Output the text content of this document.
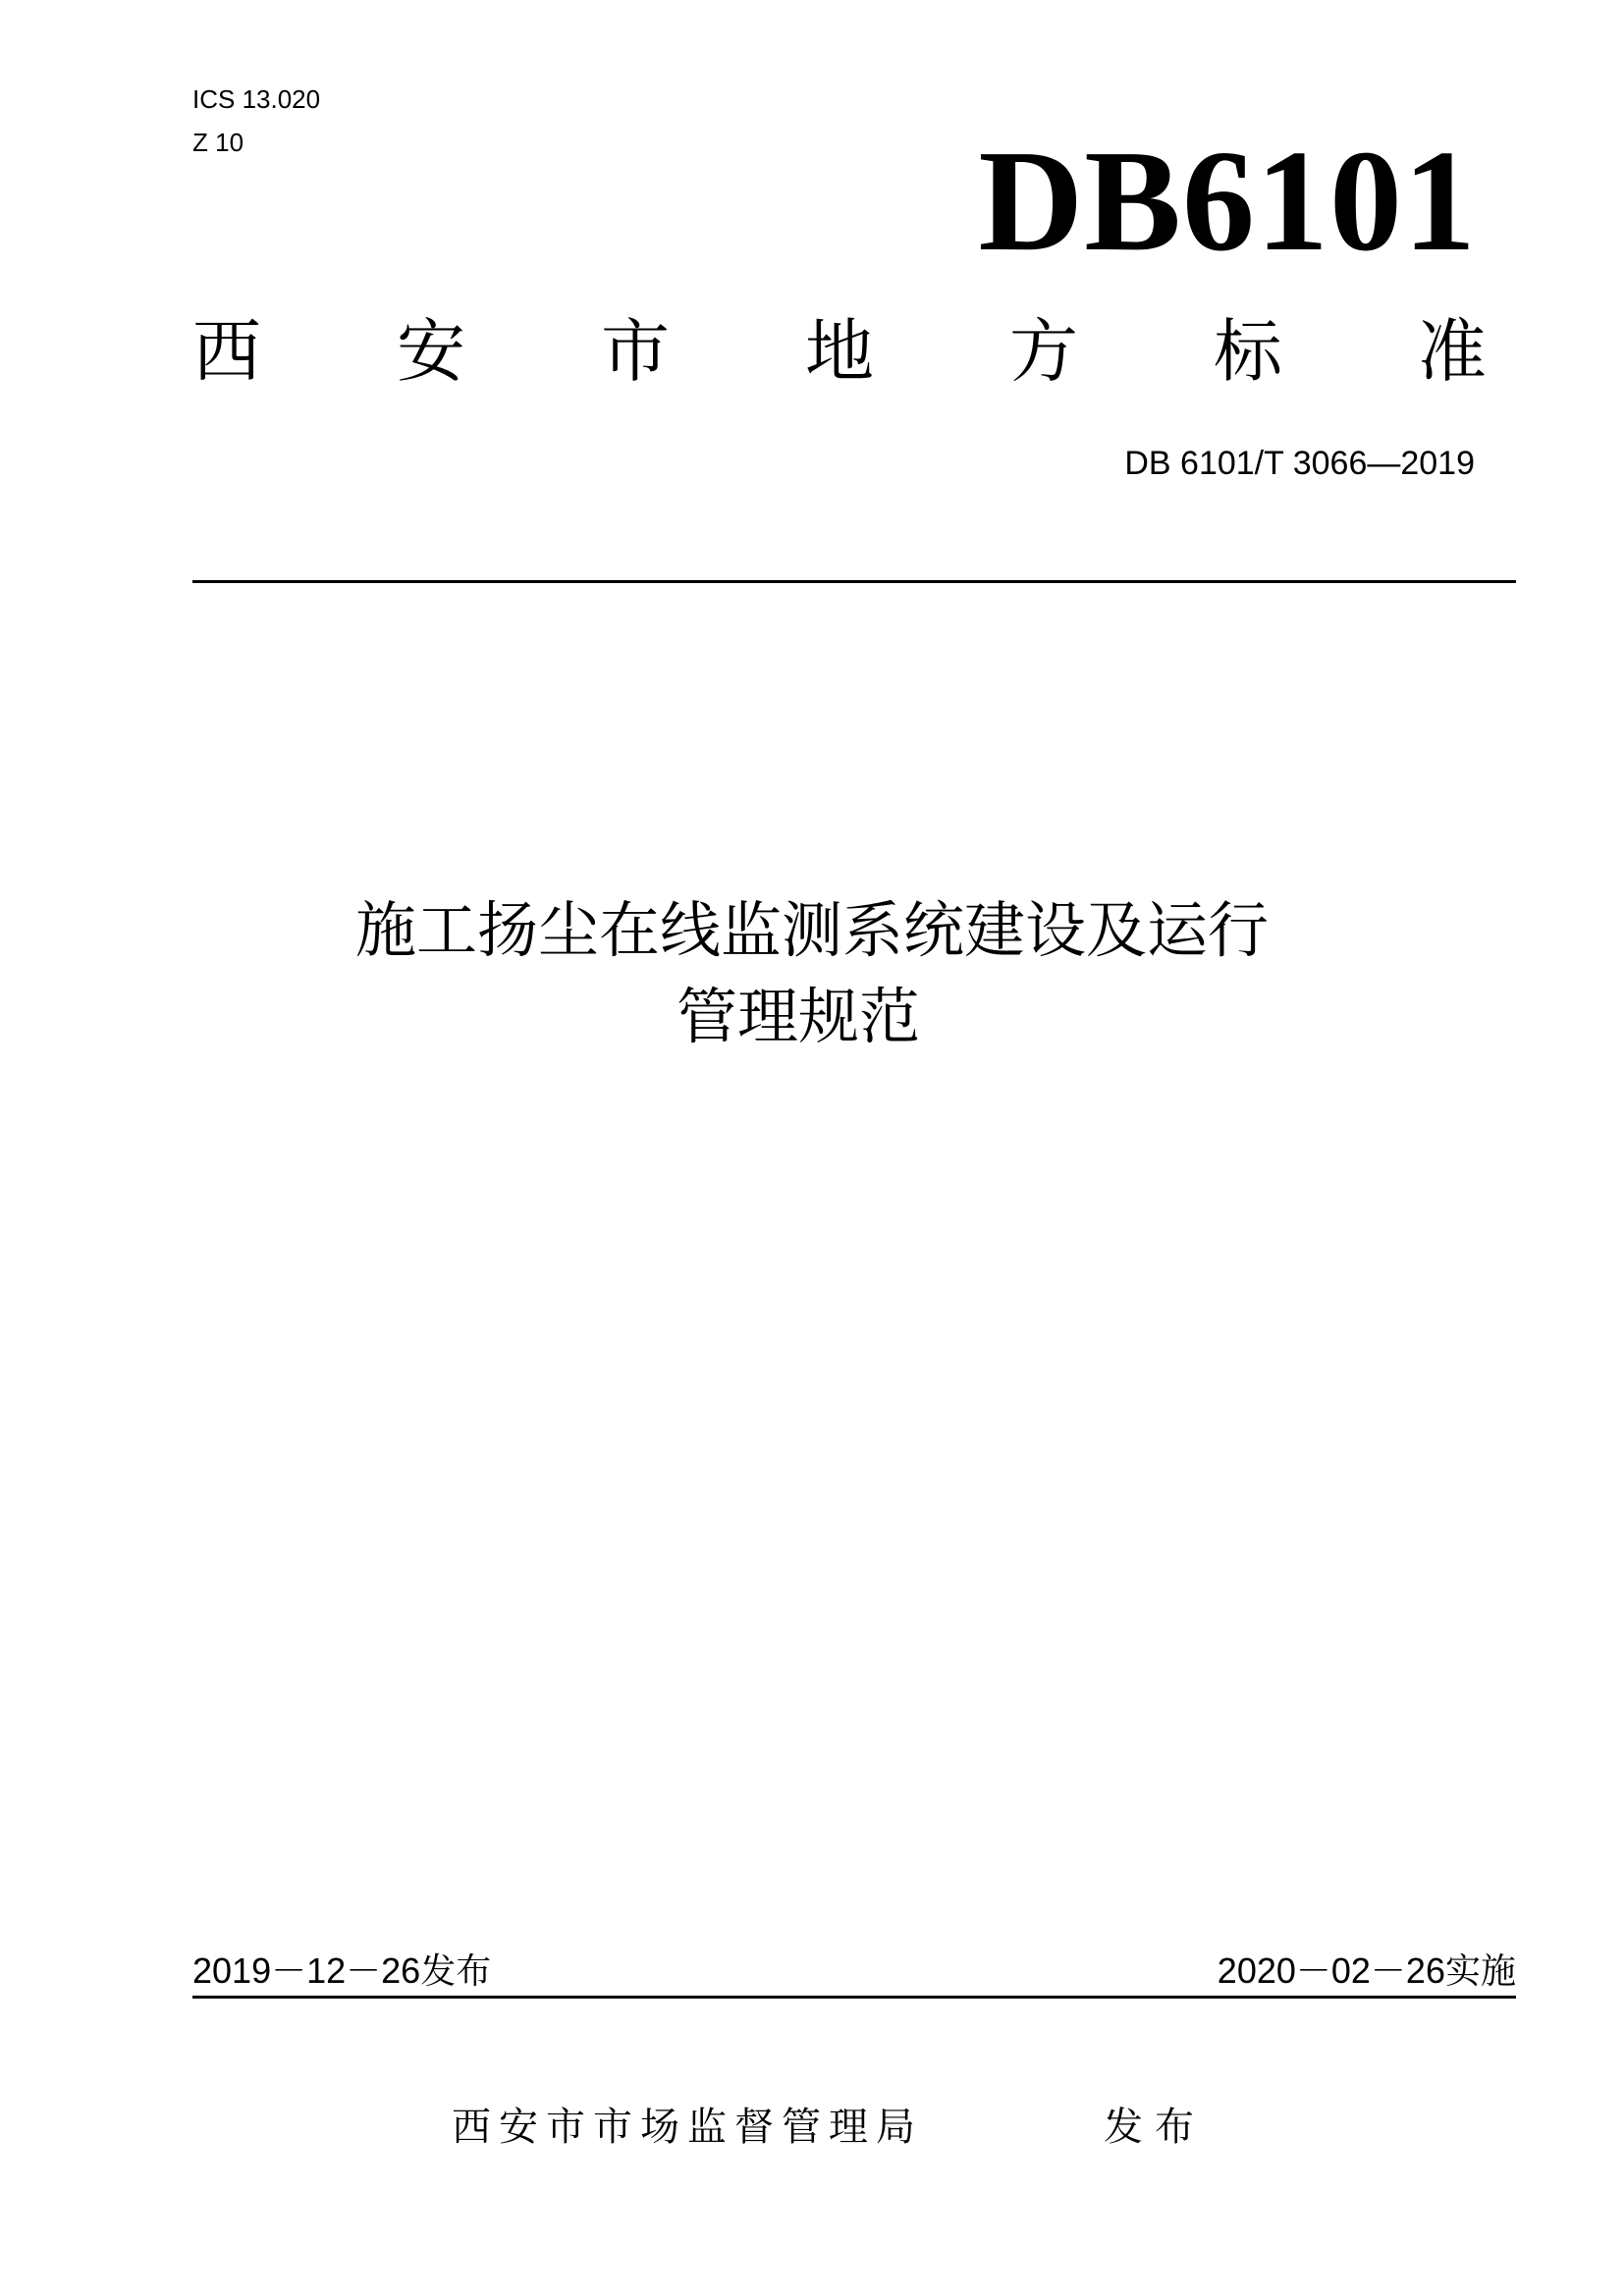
ICS 13.020
Z 10	DB6101
西 安 市 地 方 标 准
DB 6101/T 3066—2019
施工扬尘在线监测系统建设及运行
管理规范
2019－12－26发布	2020－02－26实施
西安市市场监督管理局	发布
